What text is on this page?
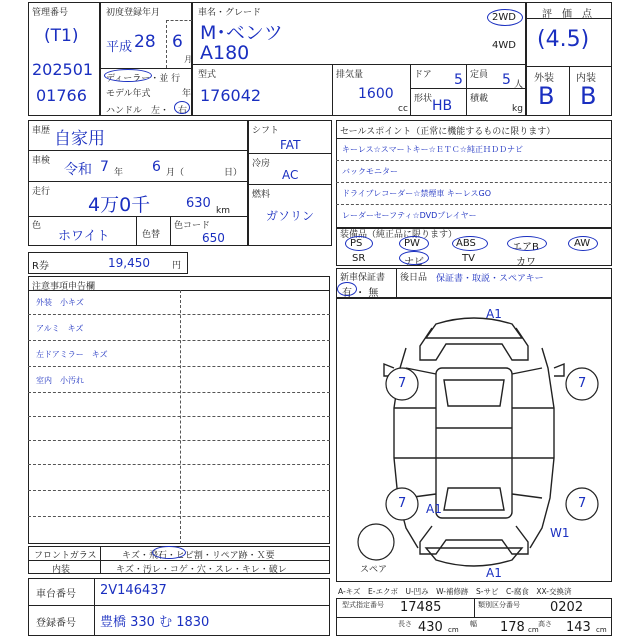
管理番号
(T1)
202501
01766
初度登録年月
平成 28 6
月
ディーラー・並 行
モデル年式	年
ハンドル　左・ 右
車名・グレード
M･ベンツ
A180
2WD
4WD
型式
176042
排気量
1600
cc
ドア 5 定員 5 人
形状 HB 積載
kg
評　価　点
(4.5)
外装 内装
B B
車歴 自家用
車検
令和 7 年 6 月（	日）
走行
4万0千	630 km
色
ホワイト	色替
色コード
650
シフト
FAT
冷房
AC
燃料
ガソリン
R券	19,450 円
セールスポイント（正常に機能するものに限ります）
キーレス☆スマートキー☆ＥＴＣ☆純正ＨＤＤナビ
バックモニター
ドライブレコーダー☆禁煙車 キーレスGO
レーダーセーフティ☆DVDプレイヤー
装備品（純正品に限ります）
PS	PW	ABS	エアB	AW
SR	ナビ	TV	カワ
新車保証書
有 ・ 無
後日品 保証書・取説・スペアキー
注意事項申告欄
外装　小キズ
アルミ　キズ
左ドアミラー　キズ
室内　小汚れ
フロントガラス	キズ・飛石・ヒビ割・リペア跡・Ｘ要
内装	キズ・汚レ・コゲ・穴・スレ・キレ・破レ
車台番号 2V146437
登録番号 豊橋 330 む 1830
A1
7	7
7	7
A1
W1
A1
スペア
A-キズ　E-エクボ　U-凹み　W-補修跡　S-サビ　C-腐食　XX-交換済
型式指定番号 17485	類別区分番号 0202
長さ 430 cm
幅 178 cm
高さ 143 cm
